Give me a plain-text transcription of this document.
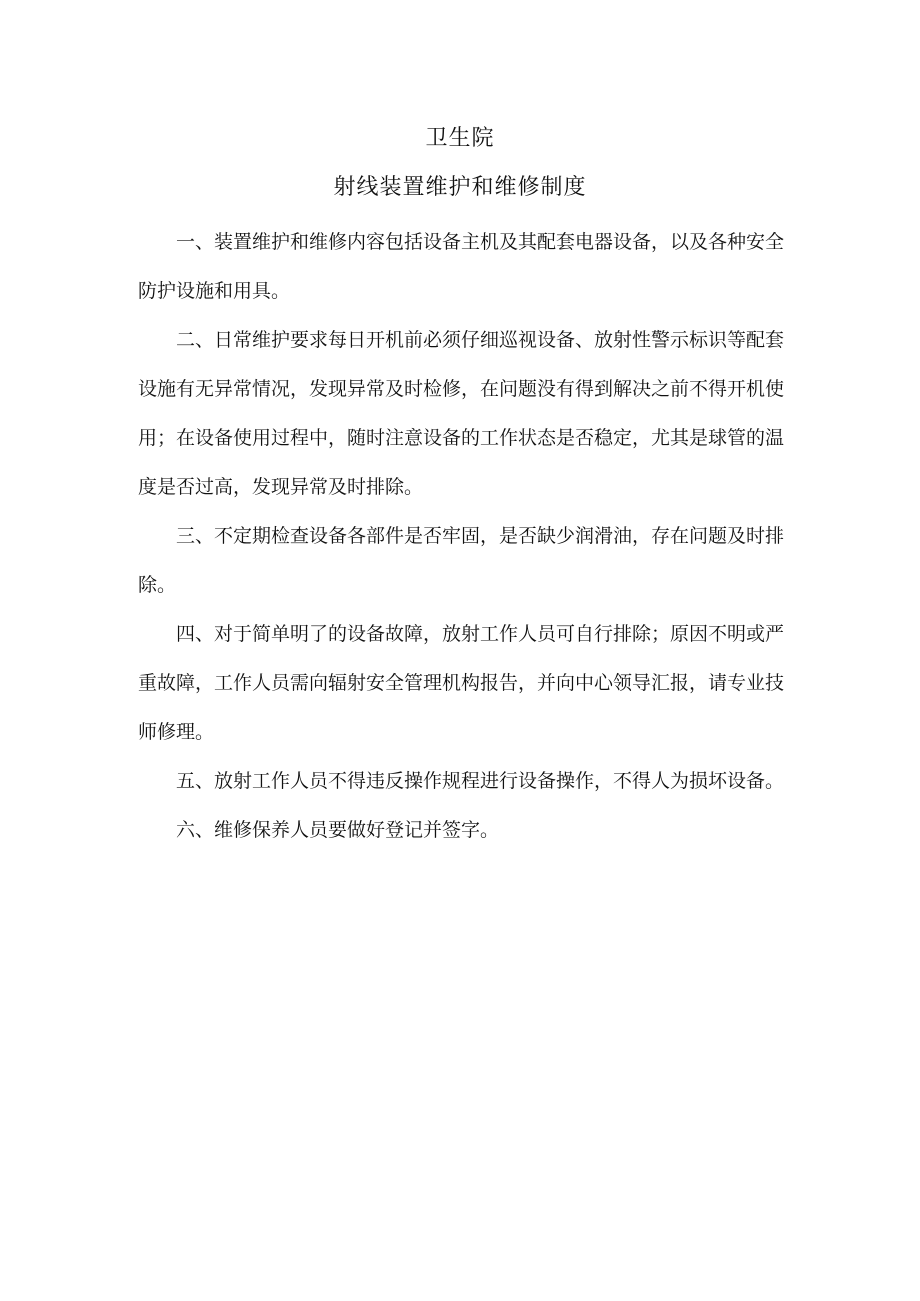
卫生院
射线装置维护和维修制度

一、装置维护和维修内容包括设备主机及其配套电器设备，以及各种安全防护设施和用具。

二、日常维护要求每日开机前必须仔细巡视设备、放射性警示标识等配套设施有无异常情况，发现异常及时检修，在问题没有得到解决之前不得开机使用；在设备使用过程中，随时注意设备的工作状态是否稳定，尤其是球管的温度是否过高，发现异常及时排除。

三、不定期检查设备各部件是否牢固，是否缺少润滑油，存在问题及时排除。

四、对于简单明了的设备故障，放射工作人员可自行排除；原因不明或严重故障，工作人员需向辐射安全管理机构报告，并向中心领导汇报，请专业技师修理。

五、放射工作人员不得违反操作规程进行设备操作，不得人为损坏设备。

六、维修保养人员要做好登记并签字。
